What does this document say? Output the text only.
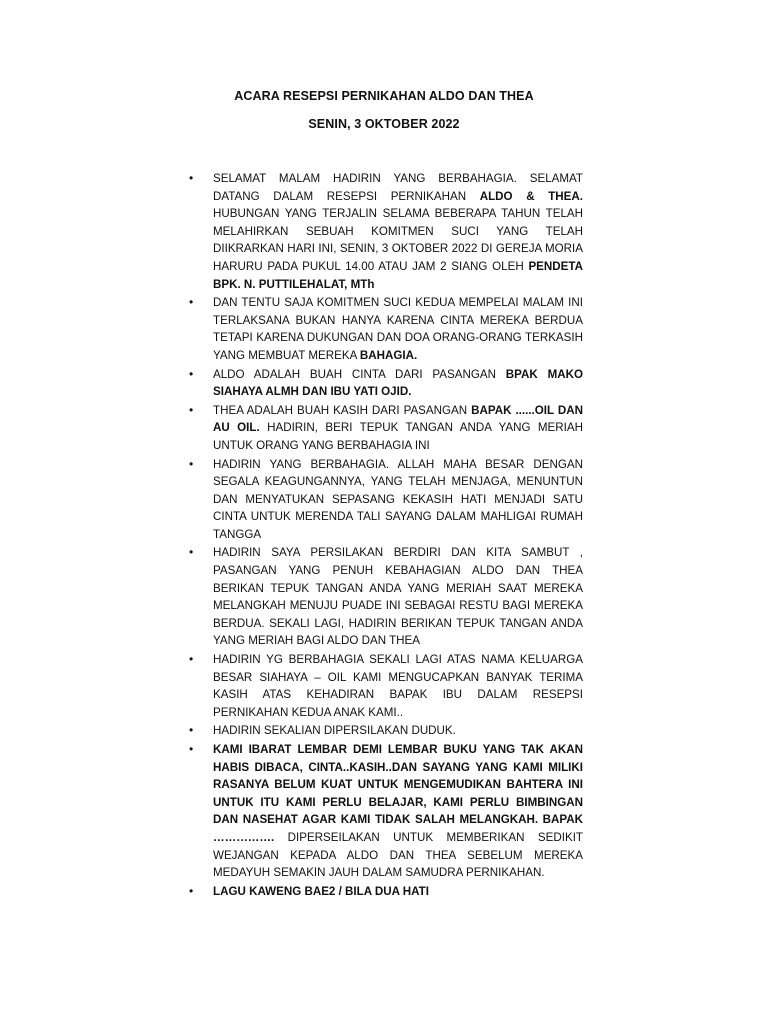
ACARA RESEPSI PERNIKAHAN ALDO DAN THEA
SENIN, 3 OKTOBER 2022
• SELAMAT MALAM HADIRIN YANG BERBAHAGIA. SELAMAT DATANG DALAM RESEPSI PERNIKAHAN ALDO & THEA. HUBUNGAN YANG TERJALIN SELAMA BEBERAPA TAHUN TELAH MELAHIRKAN SEBUAH KOMITMEN SUCI YANG TELAH DIIKRARKAN HARI INI, SENIN, 3 OKTOBER 2022 DI GEREJA MORIA HARURU PADA PUKUL 14.00 ATAU JAM 2 SIANG OLEH PENDETA BPK. N. PUTTILEHALAT, MTh
• DAN TENTU SAJA KOMITMEN SUCI KEDUA MEMPELAI MALAM INI TERLAKSANA BUKAN HANYA KARENA CINTA MEREKA BERDUA TETAPI KARENA DUKUNGAN DAN DOA ORANG-ORANG TERKASIH YANG MEMBUAT MEREKA BAHAGIA.
• ALDO ADALAH BUAH CINTA DARI PASANGAN BPAK MAKO SIAHAYA ALMH DAN IBU YATI OJID.
• THEA ADALAH BUAH KASIH DARI PASANGAN BAPAK ......OIL DAN AU OIL. HADIRIN, BERI TEPUK TANGAN ANDA YANG MERIAH UNTUK ORANG YANG BERBAHAGIA INI
• HADIRIN YANG BERBAHAGIA. ALLAH MAHA BESAR DENGAN SEGALA KEAGUNGANNYA, YANG TELAH MENJAGA, MENUNTUN DAN MENYATUKAN SEPASANG KEKASIH HATI MENJADI SATU CINTA UNTUK MERENDA TALI SAYANG DALAM MAHLIGAI RUMAH TANGGA
• HADIRIN SAYA PERSILAKAN BERDIRI DAN KITA SAMBUT , PASANGAN YANG PENUH KEBAHAGIAN ALDO DAN THEA BERIKAN TEPUK TANGAN ANDA YANG MERIAH SAAT MEREKA MELANGKAH MENUJU PUADE INI SEBAGAI RESTU BAGI MEREKA BERDUA. SEKALI LAGI, HADIRIN BERIKAN TEPUK TANGAN ANDA YANG MERIAH BAGI ALDO DAN THEA
• HADIRIN YG BERBAHAGIA SEKALI LAGI ATAS NAMA KELUARGA BESAR SIAHAYA – OIL KAMI MENGUCAPKAN BANYAK TERIMA KASIH ATAS KEHADIRAN BAPAK IBU DALAM RESEPSI PERNIKAHAN KEDUA ANAK KAMI..
• HADIRIN SEKALIAN DIPERSILAKAN DUDUK.
• KAMI IBARAT LEMBAR DEMI LEMBAR BUKU YANG TAK AKAN HABIS DIBACA, CINTA..KASIH..DAN SAYANG YANG KAMI MILIKI RASANYA BELUM KUAT UNTUK MENGEMUDIKAN BAHTERA INI UNTUK ITU KAMI PERLU BELAJAR, KAMI PERLU BIMBINGAN DAN NASEHAT AGAR KAMI TIDAK SALAH MELANGKAH. BAPAK ……………. DIPERSEILAKAN UNTUK MEMBERIKAN SEDIKIT WEJANGAN KEPADA ALDO DAN THEA SEBELUM MEREKA MEDAYUH SEMAKIN JAUH DALAM SAMUDRA PERNIKAHAN.
• LAGU KAWENG BAE2 / BILA DUA HATI
